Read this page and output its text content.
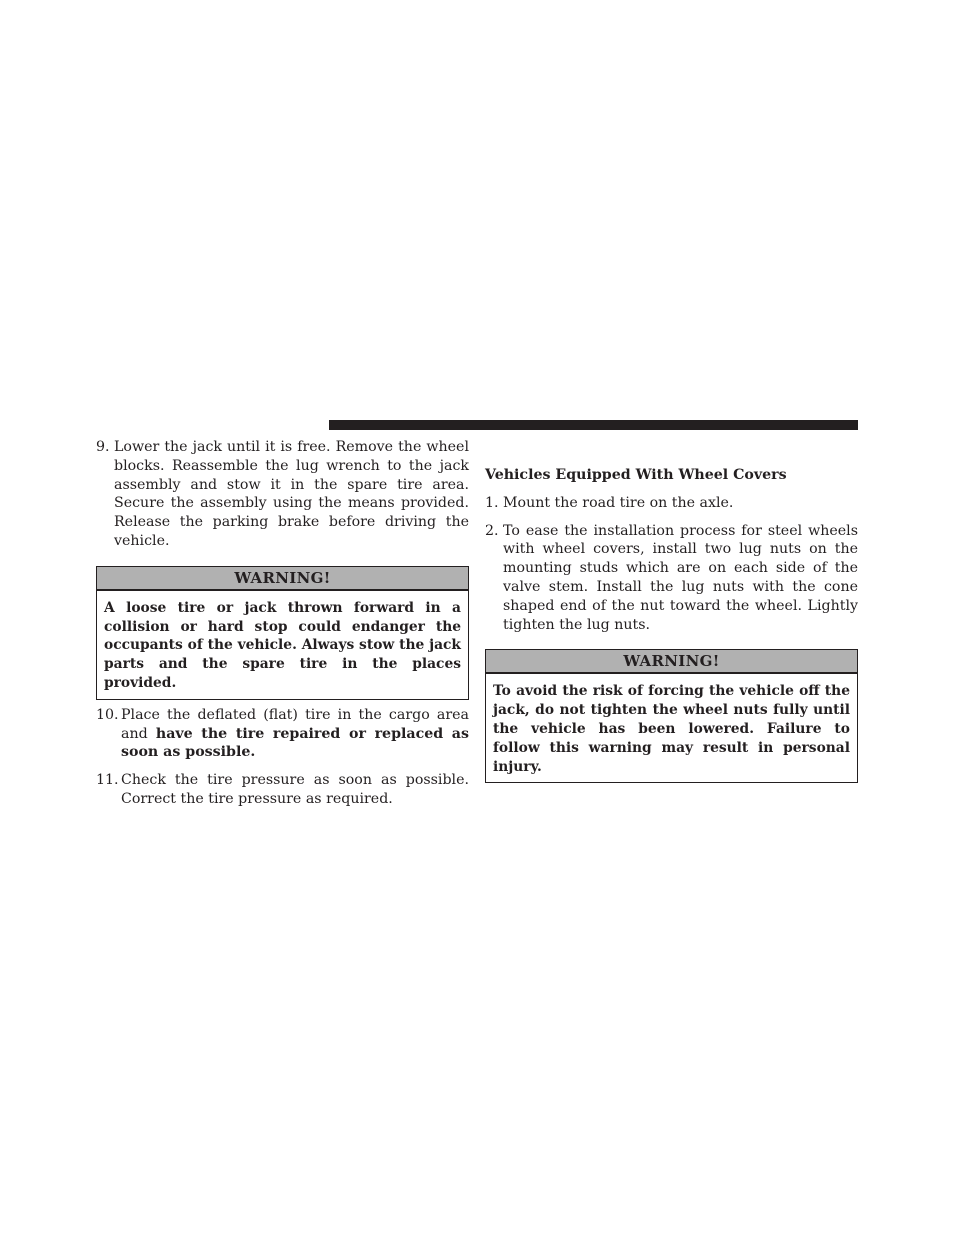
9. Lower the jack until it is free. Remove the wheel blocks. Reassemble the lug wrench to the jack assembly and stow it in the spare tire area. Secure the assembly using the means provided. Release the parking brake before driving the vehicle.

WARNING!
A loose tire or jack thrown forward in a collision or hard stop could endanger the occupants of the vehicle. Always stow the jack parts and the spare tire in the places provided.

10. Place the deflated (flat) tire in the cargo area and have the tire repaired or replaced as soon as possible.

11. Check the tire pressure as soon as possible. Correct the tire pressure as required.

Vehicles Equipped With Wheel Covers

1. Mount the road tire on the axle.

2. To ease the installation process for steel wheels with wheel covers, install two lug nuts on the mounting studs which are on each side of the valve stem. Install the lug nuts with the cone shaped end of the nut toward the wheel. Lightly tighten the lug nuts.

WARNING!
To avoid the risk of forcing the vehicle off the jack, do not tighten the wheel nuts fully until the vehicle has been lowered. Failure to follow this warning may result in personal injury.
